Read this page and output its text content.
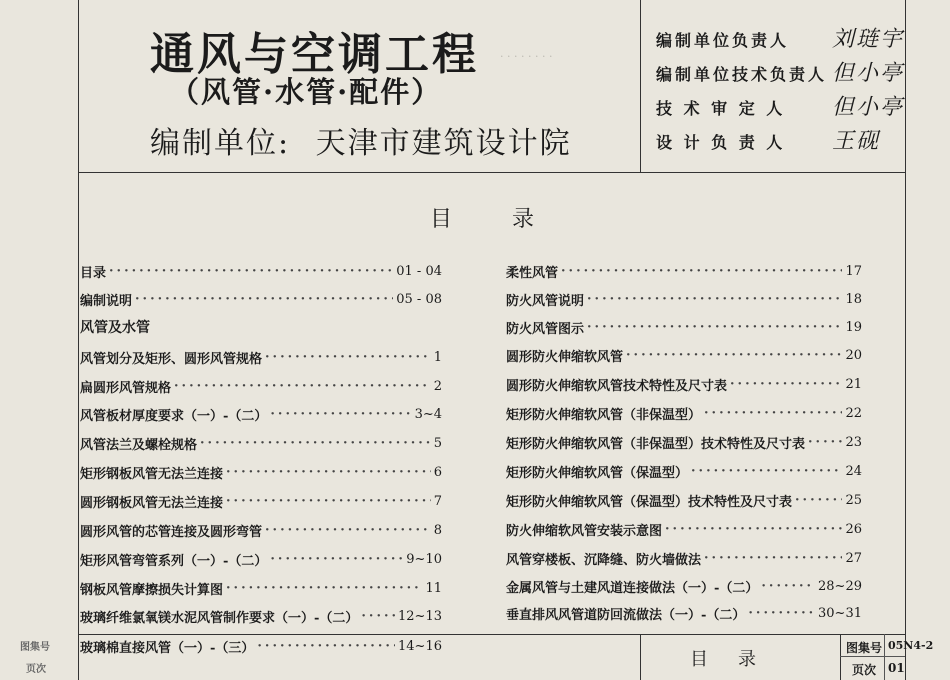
· · · · · · · ·
通风与空调工程
（风管·水管·配件）
编制单位: 天津市建筑设计院
编制单位负责人 刘琏宇
编制单位技术负责人 但小亭
技 术 审 定 人 但小亭
设 计 负 责 人 王砚
目录
目录 ·····	01 - 04
编制说明 ·····	05 - 08
风管及水管
风管划分及矩形、圆形风管规格 ·····	1
扁圆形风管规格 ·····	2
风管板材厚度要求（一）-（二） ·····	3~4
风管法兰及螺栓规格 ·····	5
矩形钢板风管无法兰连接 ·····	6
圆形钢板风管无法兰连接 ·····	7
圆形风管的芯管连接及圆形弯管 ·····	8
矩形风管弯管系列（一）-（二） ·····	9~10
钢板风管摩擦损失计算图 ·····	11
玻璃纤维氯氧镁水泥风管制作要求（一）-（二） ·····	12~13
玻璃棉直接风管（一）-（三） ·····	14~16
柔性风管 ·····	17
防火风管说明 ·····	18
防火风管图示 ·····	19
圆形防火伸缩软风管 ·····	20
圆形防火伸缩软风管技术特性及尺寸表 ·····	21
矩形防火伸缩软风管（非保温型） ·····	22
矩形防火伸缩软风管（非保温型）技术特性及尺寸表 ·····	23
矩形防火伸缩软风管（保温型） ·····	24
矩形防火伸缩软风管（保温型）技术特性及尺寸表 ·····	25
防火伸缩软风管安装示意图 ·····	26
风管穿楼板、沉降缝、防火墙做法 ·····	27
金属风管与土建风道连接做法（一）-（二） ·····	28~29
垂直排风风管道防回流做法（一）-（二） ·····	30~31
目录
图集号 05N4-2
页次 01
图集号
页次
